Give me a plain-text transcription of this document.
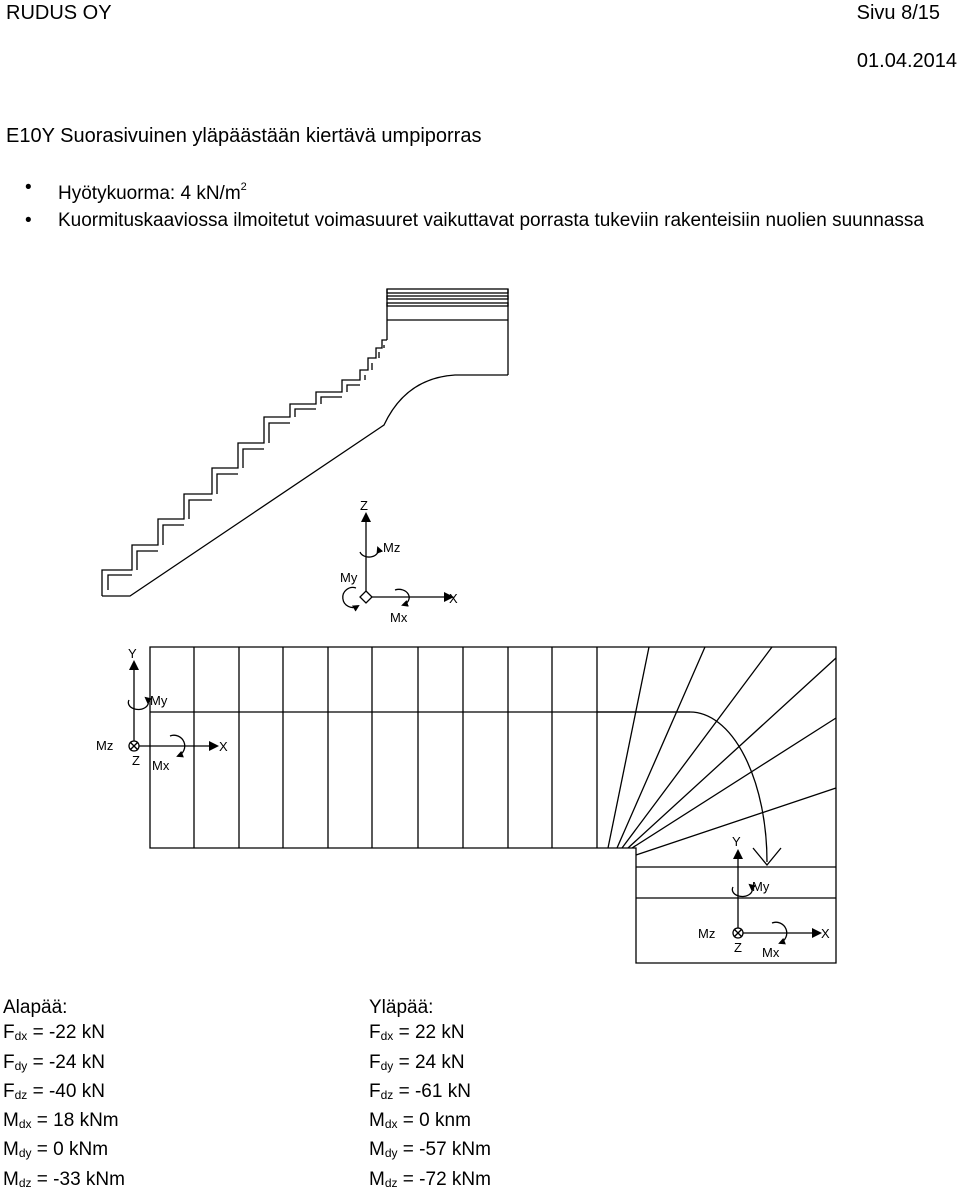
RUDUS OY	Sivu 8/15
01.04.2014
E10Y Suorasivuinen yläpäästään kiertävä umpiporras
• Hyötykuorma: 4 $kN/m^2$
• Kuormituskaaviossa ilmoitetut voimasuuret vaikuttavat porrasta tukeviin rakenteisiin nuolien suunnassa
Z
Mz
My
X
Mx
Y
My
Mz
Z
X
Mx
Y
My
Mz
Z
X
Mx
Alapää:
$F_{dx} = -22$ kN
$F_{dy} = -24$ kN
$F_{dz} = -40$ kN
$M_{dx} = 18$ kNm
$M_{dy} = 0$ kNm
$M_{dz} = -33$ kNm
Yläpää:
$F_{dx} = 22$ kN
$F_{dy} = 24$ kN
$F_{dz} = -61$ kN
$M_{dx} = 0$ knm
$M_{dy} = -57$ kNm
$M_{dz} = -72$ kNm
